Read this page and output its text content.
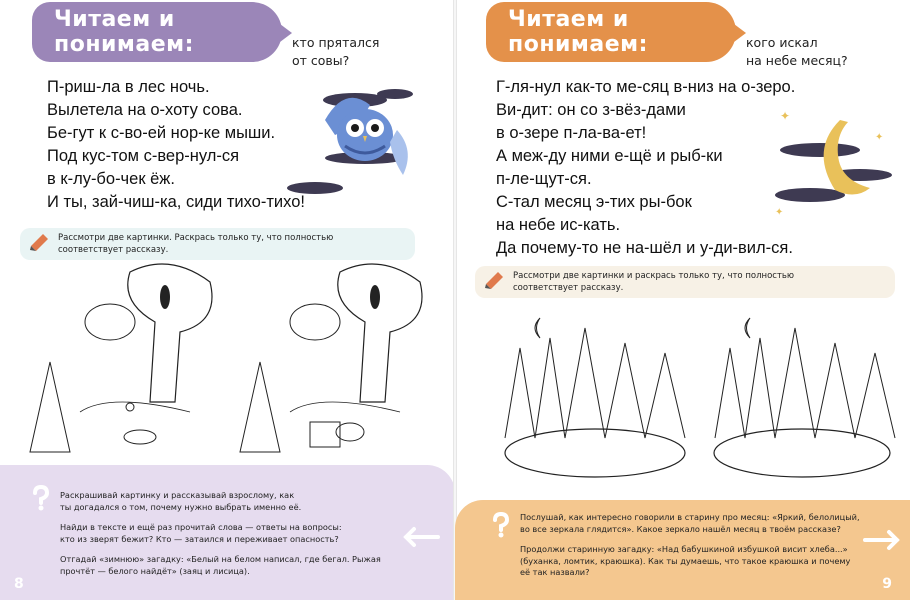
Читаем и понимаем:	кто прятался
от совы?
П-риш-ла в лес ночь.
Вылетела на о-хоту сова.
Бе-гут к с-во-ей нор-ке мыши.
Под кус-том с-вер-нул-ся
в к-лу-бо-чек ёж.
И ты, зай-чиш-ка, сиди тихо-тихо!
Рассмотри две картинки. Раскрась только ту, что полностью
соответствует рассказу.

Раскрашивай картинку и рассказывай взрослому, как
ты догадался о том, почему нужно выбрать именно её.

Найди в тексте и ещё раз прочитай слова — ответы на вопросы:
кто из зверят бежит? Кто — затаился и переживает опасность?

Отгадай «зимнюю» загадку: «Белый на белом написал, где бегал. Рыжая
прочтёт — белого найдёт» (заяц и лисица).

8
Читаем и понимаем:	кого искал
на небе месяц?
Г-ля-нул как-то ме-сяц в-низ на о-зеро.
Ви-дит: он со з-вёз-дами
в о-зере п-ла-ва-ет!
А меж-ду ними е-щё и рыб-ки
п-ле-щут-ся.
С-тал месяц э-тих ры-бок
на небе ис-кать.
Да почему-то не на-шёл и у-ди-вил-ся.
✦
✦
✦
Рассмотри две картинки и раскрась только ту, что полностью
соответствует рассказу.

Послушай, как интересно говорили в старину про месяц: «Яркий, белолицый,
во все зеркала глядится». Какое зеркало нашёл месяц в твоём рассказе?

Продолжи старинную загадку: «Над бабушкиной избушкой висит хлеба...»
(буханка, ломтик, краюшка). Как ты думаешь, что такое краюшка и почему
её так назвали?

9
